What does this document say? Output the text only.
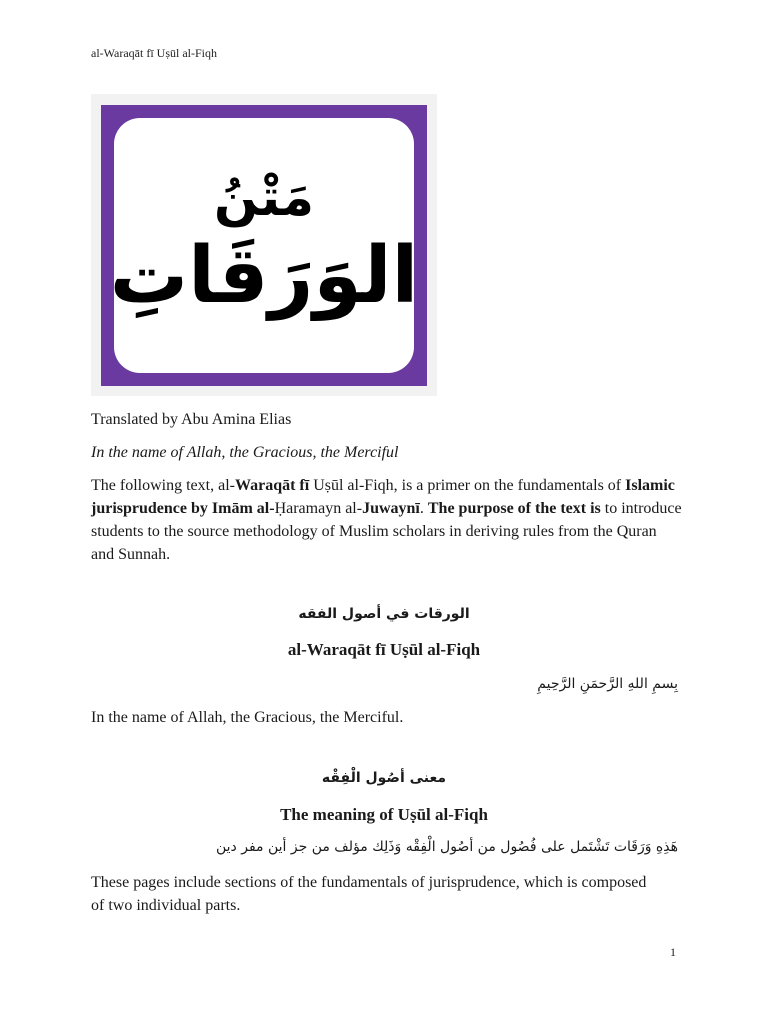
al-Waraqāt fī Uṣūl al-Fiqh
مَتْنُ
الوَرَقَاتِ
Translated by Abu Amina Elias
In the name of Allah, the Gracious, the Merciful
The following text, al-Waraqāt fī Uṣūl al-Fiqh, is a primer on the fundamentals of Islamic jurisprudence by Imām al-Ḥaramayn al-Juwaynī. The purpose of the text is to introduce students to the source methodology of Muslim scholars in deriving rules from the Quran and Sunnah.
الورقات في أصول الفقه
al-Waraqāt fī Uṣūl al-Fiqh
بِسمِ اللهِ الرَّحمَنِ الرَّحِيمِ
In the name of Allah, the Gracious, the Merciful.
معنى أصُول الْفِقْه
The meaning of Uṣūl al-Fiqh
هَذِهِ وَرَقَات تَشْتَمل على فُصُول من أصُول الْفِقْه وَذَلِك مؤلف من جز أين مفر دين
These pages include sections of the fundamentals of jurisprudence, which is composed of two individual parts.
1
